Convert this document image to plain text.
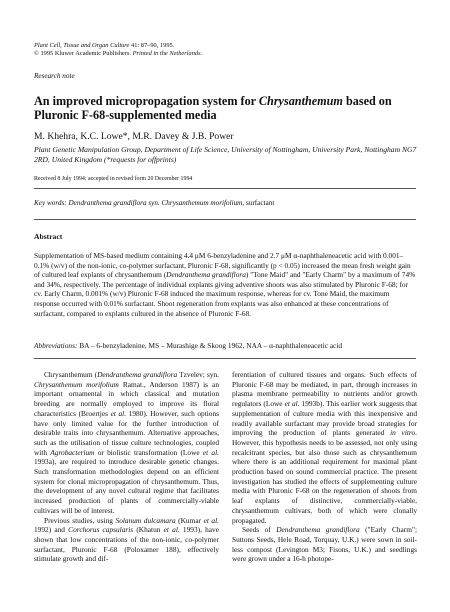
Plant Cell, Tissue and Organ Culture 41: 87–90, 1995.
© 1995 Kluwer Academic Publishers. Printed in the Netherlands.
Research note
An improved micropropagation system for Chrysanthemum based on Pluronic F-68-supplemented media
M. Khehra, K.C. Lowe*, M.R. Davey & J.B. Power
Plant Genetic Manipulation Group, Department of Life Science, University of Nottingham, University Park, Nottingham NG7 2RD, United Kingdom (*requests for offprints)
Received 8 July 1994; accepted in revised form 20 December 1994
Key words: Dendranthema grandiflora syn. Chrysanthemum morifolium, surfactant
Abstract
Supplementation of MS-based medium containing 4.4 μM 6-benzyladenine and 2.7 μM α-naphthaleneacetic acid with 0.001–0.1% (w/v) of the non-ionic, co-polymer surfactant, Pluronic F-68, significantly (p < 0.05) increased the mean fresh weight gain of cultured leaf explants of chrysanthemum (Dendranthema grandiflora) "Tone Maid" and "Early Charm" by a maximum of 74% and 34%, respectively. The percentage of individual explants giving adventive shoots was also stimulated by Pluronic F-68; for cv. Early Charm, 0.001% (w/v) Pluronic F-68 induced the maximum response, whereas for cv. Tone Maid, the maximum response occurred with 0.01% surfactant. Shoot regeneration from explants was also enhanced at these concentrations of surfactant, compared to explants cultured in the absence of Pluronic F-68.
Abbreviations: BA – 6-benzyladenine, MS – Murashige & Skoog 1962, NAA – α-naphthaleneacetic acid

Chrysanthemum (Dendranthema grandiflora Tzvelev; syn. Chrysanthemum morifolium Ramat., Anderson 1987) is an important ornamental in which classical and mutation breeding are normally employed to improve its floral characteristics (Broertjes et al. 1980). However, such options have only limited value for the further introduction of desirable traits into chrysanthemum. Alternative approaches, such as the utilisation of tissue culture technologies, coupled with Agrobacterium or biolistic transformation (Lowe et al. 1993a), are required to introduce desirable genetic changes. Such transformation methodologies depend on an efficient system for clonal micropropagation of chrysanthemum. Thus, the development of any novel cultural regime that facilitates increased production of plants of commercially-viable cultivars will be of interest.

Previous studies, using Solanum dulcamara (Kumar et al. 1992) and Corchorus capsularis (Khatun et al. 1993), have shown that low concentrations of the non-ionic, co-polymer surfactant, Pluronic F-68 (Poloxamer 188), effectively stimulate growth and dif-

ferentiation of cultured tissues and organs. Such effects of Pluronic F-68 may be mediated, in part, through increases in plasma membrane permeability to nutrients and/or growth regulators (Lowe et al. 1993b). This earlier work suggests that supplementation of culture media with this inexpensive and readily available surfactant may provide broad strategies for improving the production of plants generated in vitro. However, this hypothesis needs to be assessed, not only using recalcitrant species, but also those such as chrysanthemum where there is an additional requirement for maximal plant production based on sound commercial practice. The present investigation has studied the effects of supplementing culture media with Pluronic F-68 on the regeneration of shoots from leaf explants of distinctive, commercially-viable, chrysanthemum cultivars, both of which were clonally propagated.

Seeds of Dendranthema grandiflora ("Early Charm"; Suttons Seeds, Hele Road, Torquay, U.K.) were sown in soil-less compost (Levington M3; Fisons, U.K.) and seedlings were grown under a 16-h photope-
